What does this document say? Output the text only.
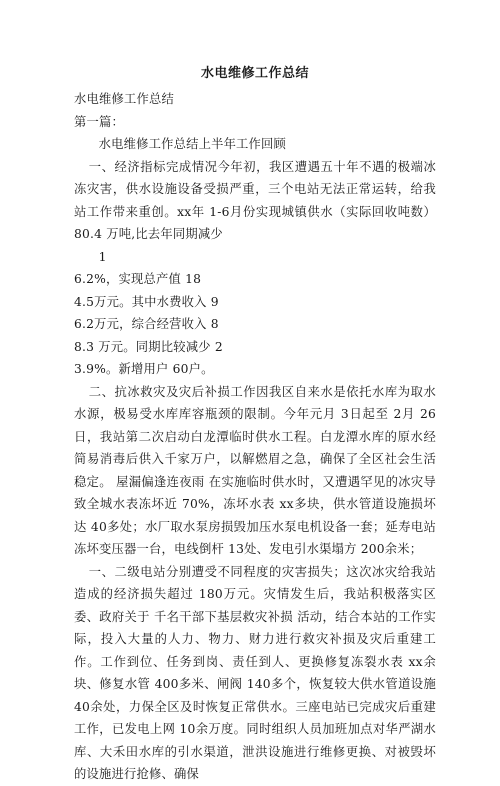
水电维修工作总结

水电维修工作总结

第一篇：

水电维修工作总结上半年工作回顾

一、经济指标完成情况今年初，我区遭遇五十年不遇的极端冰冻灾害，供水设施设备受损严重，三个电站无法正常运转，给我站工作带来重创。xx年 1-6月份实现城镇供水（实际回收吨数）80.4 万吨,比去年同期减少

1

6.2%，实现总产值 18

4.5万元。其中水费收入 9

6.2万元，综合经营收入 8

8.3 万元。同期比较减少 2

3.9%。新增用户 60户。

二、抗冰救灾及灾后补损工作因我区自来水是依托水库为取水水源，极易受水库库容瓶颈的限制。今年元月 3日起至 2月 26日，我站第二次启动白龙潭临时供水工程。白龙潭水库的原水经简易消毒后供入千家万户，以解燃眉之急，确保了全区社会生活稳定。 屋漏偏逢连夜雨 在实施临时供水时，又遭遇罕见的冰灾导致全城水表冻坏近 70%，冻坏水表 xx多块，供水管道设施损坏达 40多处；水厂取水泵房损毁加压水泵电机设备一套；延寿电站冻坏变压器一台，电线倒杆 13处、发电引水渠塌方 200余米；

一、二级电站分别遭受不同程度的灾害损失；这次冰灾给我站造成的经济损失超过 180万元。灾情发生后，我站积极落实区委、政府关于 千名干部下基层救灾补损 活动，结合本站的工作实际，投入大量的人力、物力、财力进行救灾补损及灾后重建工作。工作到位、任务到岗、责任到人、更换修复冻裂水表 xx余块、修复水管 400多米、闸阀 140多个，恢复较大供水管道设施 40余处，力保全区及时恢复正常供水。三座电站已完成灾后重建工作，已发电上网 10余万度。同时组织人员加班加点对华严湖水库、大禾田水库的引水渠道，泄洪设施进行维修更换、对被毁坏的设施进行抢修、确保
